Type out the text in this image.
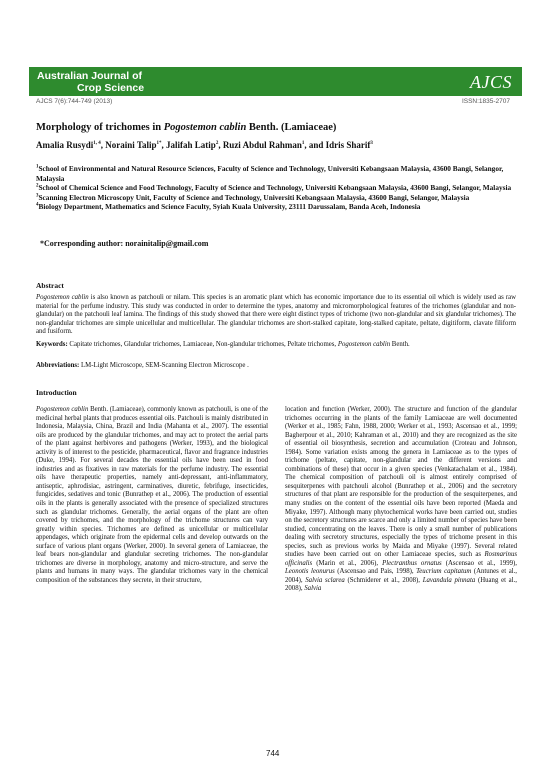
Australian Journal of
Crop Science	AJCS
AJCS 7(6):744-749 (2013)	ISSN:1835-2707
Morphology of trichomes in Pogostemon cablin Benth. (Lamiaceae)
Amalia Rusydi$^{1, 4}$, Noraini Talip$^{1*}$, Jalifah Latip$^2$, Ruzi Abdul Rahman$^1$, and Idris Sharif$^3$

$^1$School of Environmental and Natural Resource Sciences, Faculty of Science and Technology, Universiti Kebangsaan Malaysia, 43600 Bangi, Selangor, Malaysia

$^2$School of Chemical Science and Food Technology, Faculty of Science and Technology, Universiti Kebangsaan Malaysia, 43600 Bangi, Selangor, Malaysia

$^3$Scanning Electron Microscopy Unit, Faculty of Science and Technology, Universiti Kebangsaan Malaysia, 43600 Bangi, Selangor, Malaysia

$^4$Biology Department, Mathematics and Science Faculty, Syiah Kuala University, 23111 Darussalam, Banda Aceh, Indonesia

*Corresponding author: norainitalip@gmail.com
Abstract

Pogostemon cablin is also known as patchouli or nilam. This species is an aromatic plant which has economic importance due to its essential oil which is widely used as raw material for the perfume industry. This study was conducted in order to determine the types, anatomy and micromorphological features of the trichomes (glandular and non-glandular) on the patchouli leaf lamina. The findings of this study showed that there were eight distinct types of trichome (two non-glandular and six glandular trichomes). The non-glandular trichomes are simple unicellular and multicellular. The glandular trichomes are short-stalked capitate, long-stalked capitate, peltate, digitiform, clavate filiform and fusiform.

Keywords: Capitate trichomes, Glandular trichomes, Lamiaceae, Non-glandular trichomes, Peltate trichomes, Pogostemon cablin Benth.

Abbreviations: LM-Light Microscope, SEM-Scanning Electron Microscope .

Introduction

Pogostemon cablin Benth. (Lamiaceae), commonly known as patchouli, is one of the medicinal herbal plants that produces essential oils. Patchouli is mainly distributed in Indonesia, Malaysia, China, Brazil and India (Mahanta et al., 2007). The essential oils are produced by the glandular trichomes, and may act to protect the aerial parts of the plant against herbivores and pathogens (Werker, 1993), and the biological activity is of interest to the pesticide, pharmaceutical, flavor and fragrance industries (Duke, 1994). For several decades the essential oils have been used in food industries and as fixatives in raw materials for the perfume industry. The essential oils have therapeutic properties, namely anti-depressant, anti-inflammatory, antiseptic, aphrodisiac, astringent, carminatives, diuretic, febrifuge, insecticides, fungicides, sedatives and tonic (Bunrathep et al., 2006). The production of essential oils in the plants is generally associated with the presence of specialized structures such as glandular trichomes. Generally, the aerial organs of the plant are often covered by trichomes, and the morphology of the trichome structures can vary greatly within species. Trichomes are defined as unicellular or multicellular appendages, which originate from the epidermal cells and develop outwards on the surface of various plant organs (Werker, 2000). In several genera of Lamiaceae, the leaf bears non-glandular and glandular secreting trichomes. The non-glandular trichomes are diverse in morphology, anatomy and micro-structure, and serve the plants and humans in many ways. The glandular trichomes vary in the chemical composition of the substances they secrete, in their structure,

location and function (Werker, 2000). The structure and function of the glandular trichomes occurring in the plants of the family Lamiaceae are well documented (Werker et al., 1985; Fahn, 1988, 2000; Werker et al., 1993; Ascensao et al., 1999; Bagherpour et al., 2010; Kahraman et al., 2010) and they are recognized as the site of essential oil biosynthesis, secretion and accumulation (Croteau and Johnson, 1984). Some variation exists among the genera in Lamiaceae as to the types of trichome (peltate, capitate, non-glandular and the different versions and combinations of these) that occur in a given species (Venkatachalam et al., 1984). The chemical composition of patchouli oil is almost entirely comprised of sesquiterpenes with patchouli alcohol (Bunrathep et al., 2006) and the secretory structures of that plant are responsible for the production of the sesquiterpenes, and many studies on the content of the essential oils have been reported (Maeda and Miyake, 1997). Although many phytochemical works have been carried out, studies on the secretory structures are scarce and only a limited number of species have been studied, concentrating on the leaves. There is only a small number of publications dealing with secretory structures, especially the types of trichome present in this species, such as previous works by Maida and Miyake (1997). Several related studies have been carried out on other Lamiaceae species, such as Rosmarinus officinalis (Marin et al., 2006), Plectranthus ornatus (Ascensao et al., 1999), Leonotis leonurus (Ascensao and Pais, 1998), Teucrium capitatum (Antunes et al., 2004), Salvia sclarea (Schmiderer et al., 2008), Lavandula pinnata (Huang et al., 2008), Salvia

744
